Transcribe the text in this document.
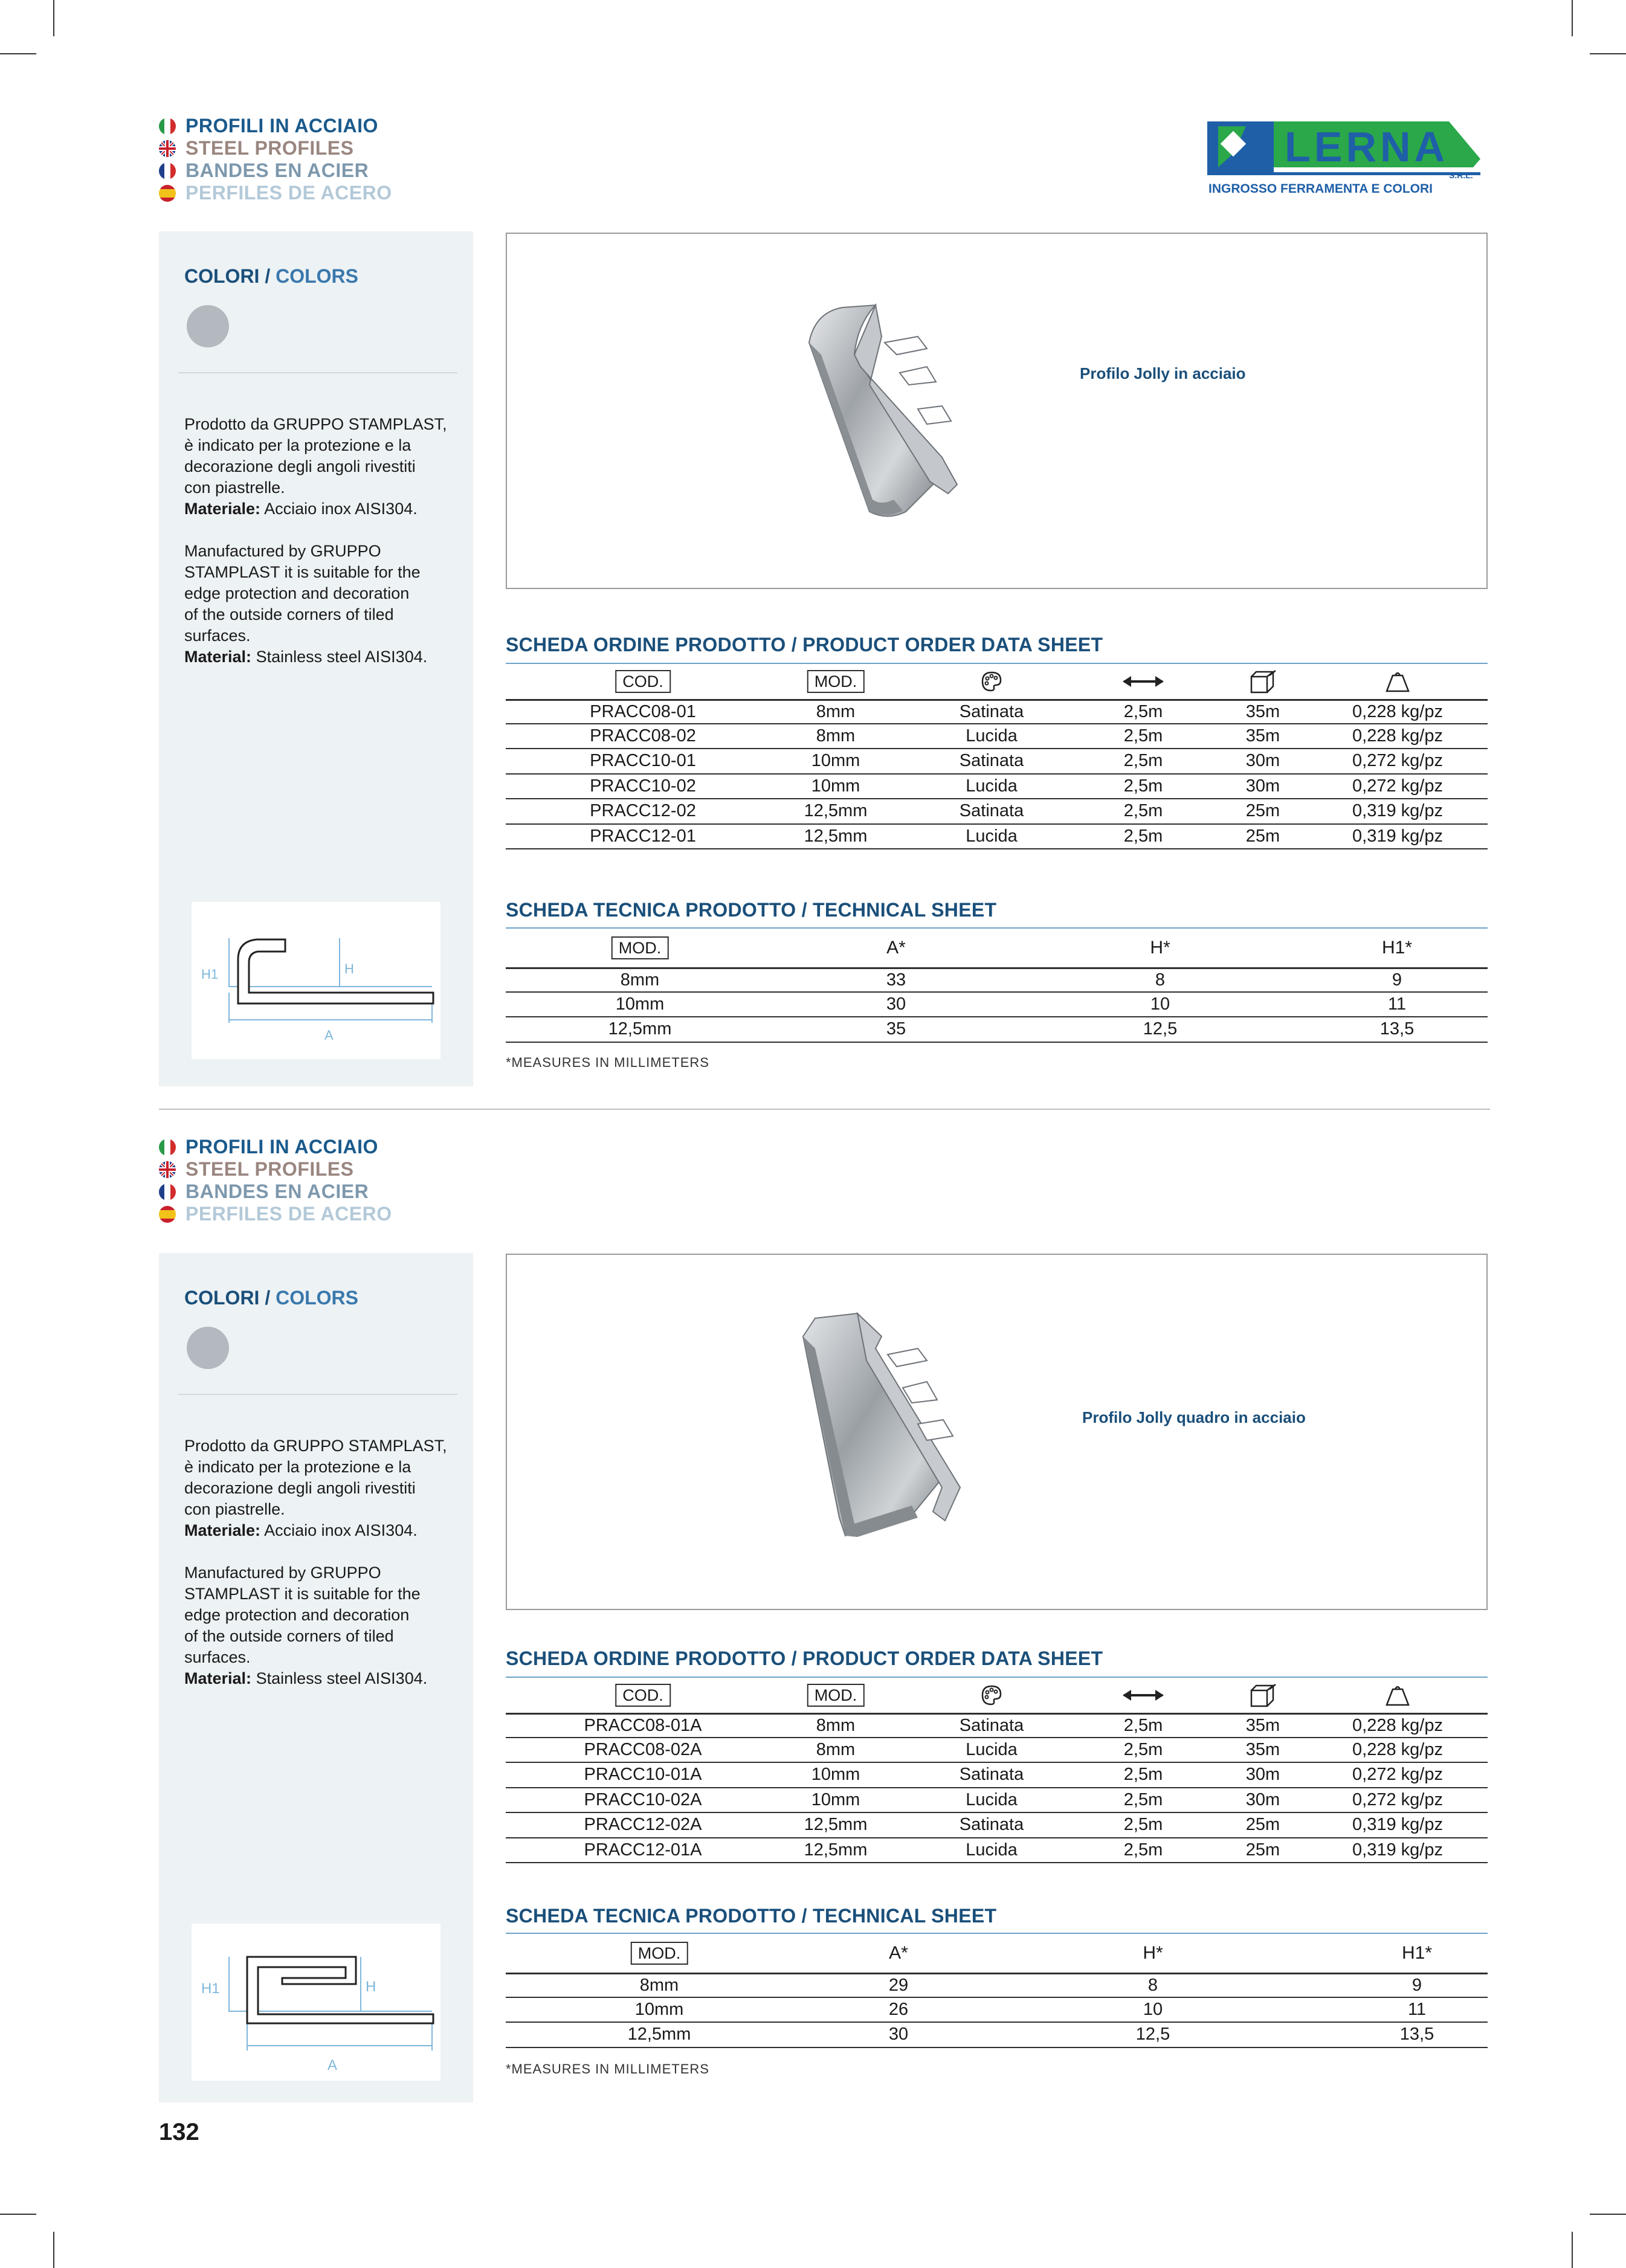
LERNA
INGROSSO FERRAMENTA E COLORI
PROFILI IN ACCIAIO
STEEL PROFILES
BANDES EN ACIER
PERFILES DE ACERO
COLORI / COLORS

Prodotto da GRUPPO STAMPLAST,
è indicato per la protezione e la
decorazione degli angoli rivestiti
con piastrelle.
Materiale: Acciaio inox AISI304.

Manufactured by GRUPPO
STAMPLAST it is suitable for the
edge protection and decoration
of the outside corners of tiled
surfaces.
Material: Stainless steel AISI304.

H1	H
A
Profilo Jolly in acciaio
SCHEDA ORDINE PRODOTTO / PRODUCT ORDER DATA SHEET
COD.	MOD.
PRACC08-01	8mm	Satinata	2,5m	35m	0,228 kg/pz
PRACC08-02	8mm	Lucida	2,5m	35m	0,228 kg/pz
PRACC10-01	10mm	Satinata	2,5m	30m	0,272 kg/pz
PRACC10-02	10mm	Lucida	2,5m	30m	0,272 kg/pz
PRACC12-02	12,5mm	Satinata	2,5m	25m	0,319 kg/pz
PRACC12-01	12,5mm	Lucida	2,5m	25m	0,319 kg/pz
SCHEDA TECNICA PRODOTTO / TECHNICAL SHEET
MOD.	A*	H*	H1*
8mm	33	8	9
10mm	30	10	11
12,5mm	35	12,5	13,5
*MEASURES IN MILLIMETERS
PROFILI IN ACCIAIO
STEEL PROFILES
BANDES EN ACIER
PERFILES DE ACERO
COLORI / COLORS

Prodotto da GRUPPO STAMPLAST,
è indicato per la protezione e la
decorazione degli angoli rivestiti
con piastrelle.
Materiale: Acciaio inox AISI304.

Manufactured by GRUPPO
STAMPLAST it is suitable for the
edge protection and decoration
of the outside corners of tiled
surfaces.
Material: Stainless steel AISI304.

H1	H
A
Profilo Jolly quadro in acciaio
SCHEDA ORDINE PRODOTTO / PRODUCT ORDER DATA SHEET
COD.	MOD.
PRACC08-01A	8mm	Satinata	2,5m	35m	0,228 kg/pz
PRACC08-02A	8mm	Lucida	2,5m	35m	0,228 kg/pz
PRACC10-01A	10mm	Satinata	2,5m	30m	0,272 kg/pz
PRACC10-02A	10mm	Lucida	2,5m	30m	0,272 kg/pz
PRACC12-02A	12,5mm	Satinata	2,5m	25m	0,319 kg/pz
PRACC12-01A	12,5mm	Lucida	2,5m	25m	0,319 kg/pz
SCHEDA TECNICA PRODOTTO / TECHNICAL SHEET
MOD.	A*	H*	H1*
8mm	29	8	9
10mm	26	10	11
12,5mm	30	12,5	13,5
*MEASURES IN MILLIMETERS
132
